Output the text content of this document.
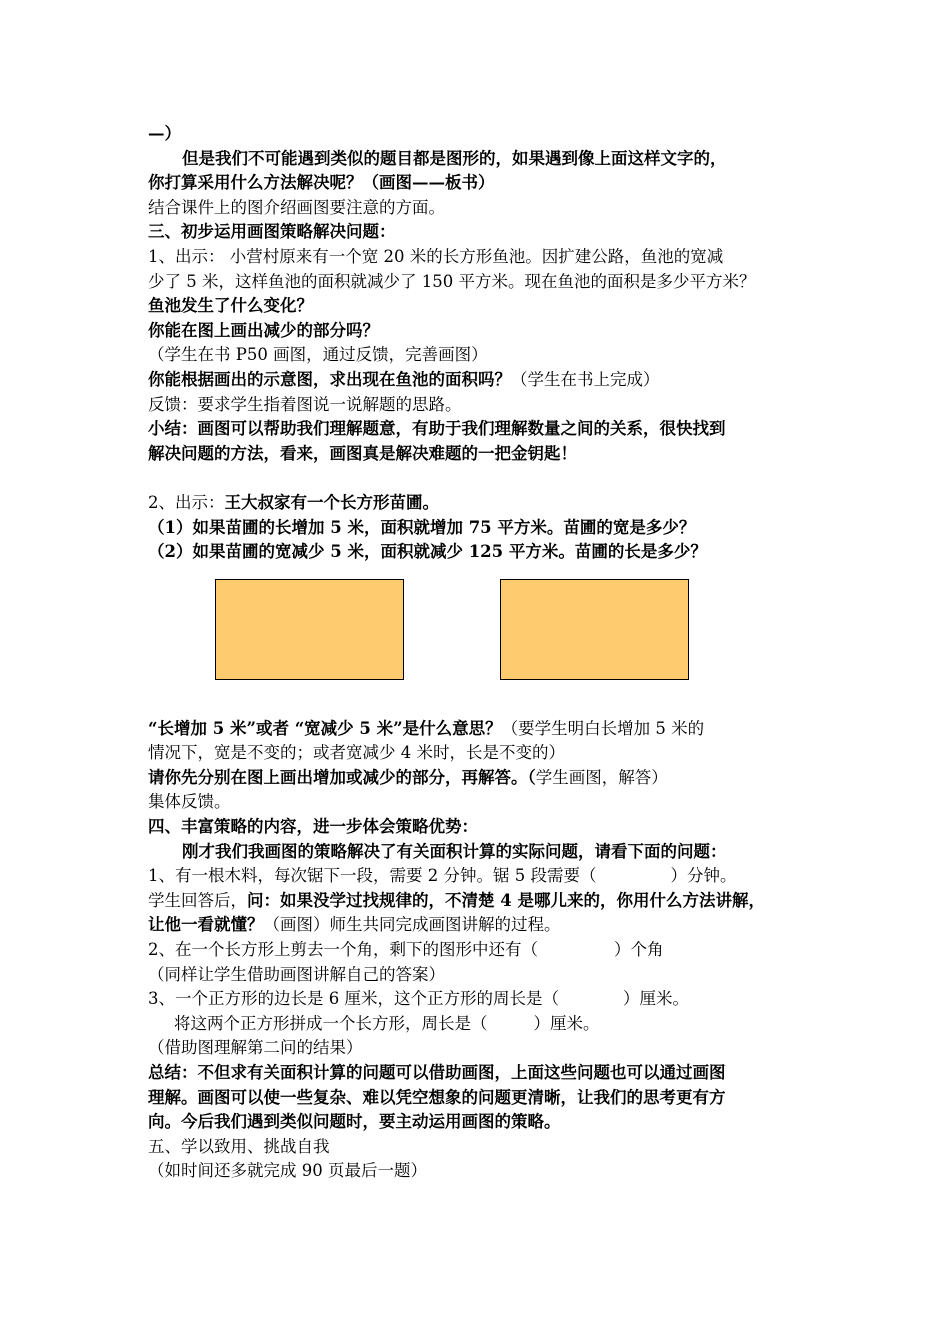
—）

但是我们不可能遇到类似的题目都是图形的，如果遇到像上面这样文字的，

你打算采用什么方法解决呢？（画图——板书）

结合课件上的图介绍画图要注意的方面。

三、初步运用画图策略解决问题：

1、出示： 小营村原来有一个宽 20 米的长方形鱼池。因扩建公路，鱼池的宽减

少了 5 米，这样鱼池的面积就减少了 150 平方米。现在鱼池的面积是多少平方米？

鱼池发生了什么变化？

你能在图上画出减少的部分吗？

（学生在书 P50 画图，通过反馈，完善画图）

你能根据画出的示意图，求出现在鱼池的面积吗？（学生在书上完成）

反馈：要求学生指着图说一说解题的思路。

小结：画图可以帮助我们理解题意，有助于我们理解数量之间的关系，很快找到

解决问题的方法，看来，画图真是解决难题的一把金钥匙！

2、出示：王大叔家有一个长方形苗圃。

（1）如果苗圃的长增加 5 米，面积就增加 75 平方米。苗圃的宽是多少？

（2）如果苗圃的宽减少 5 米，面积就减少 125 平方米。苗圃的长是多少？

“长增加 5 米”或者 “宽减少 5 米”是什么意思？（要学生明白长增加 5 米的

情况下，宽是不变的；或者宽减少 4 米时，长是不变的）

请你先分别在图上画出增加或减少的部分，再解答。（学生画图，解答）

集体反馈。

四、丰富策略的内容，进一步体会策略优势：

刚才我们我画图的策略解决了有关面积计算的实际问题，请看下面的问题：

1、有一根木料，每次锯下一段，需要 2 分钟。锯 5 段需要（	）分钟。

学生回答后，问：如果没学过找规律的，不清楚 4 是哪儿来的，你用什么方法讲解，

让他一看就懂？（画图）师生共同完成画图讲解的过程。

2、在一个长方形上剪去一个角，剩下的图形中还有（	）个角

（同样让学生借助画图讲解自己的答案）

3、一个正方形的边长是 6 厘米，这个正方形的周长是（	）厘米。

将这两个正方形拼成一个长方形，周长是（	）厘米。

（借助图理解第二问的结果）

总结：不但求有关面积计算的问题可以借助画图，上面这些问题也可以通过画图

理解。画图可以使一些复杂、难以凭空想象的问题更清晰，让我们的思考更有方

向。今后我们遇到类似问题时，要主动运用画图的策略。

五、学以致用、挑战自我

（如时间还多就完成 90 页最后一题）
